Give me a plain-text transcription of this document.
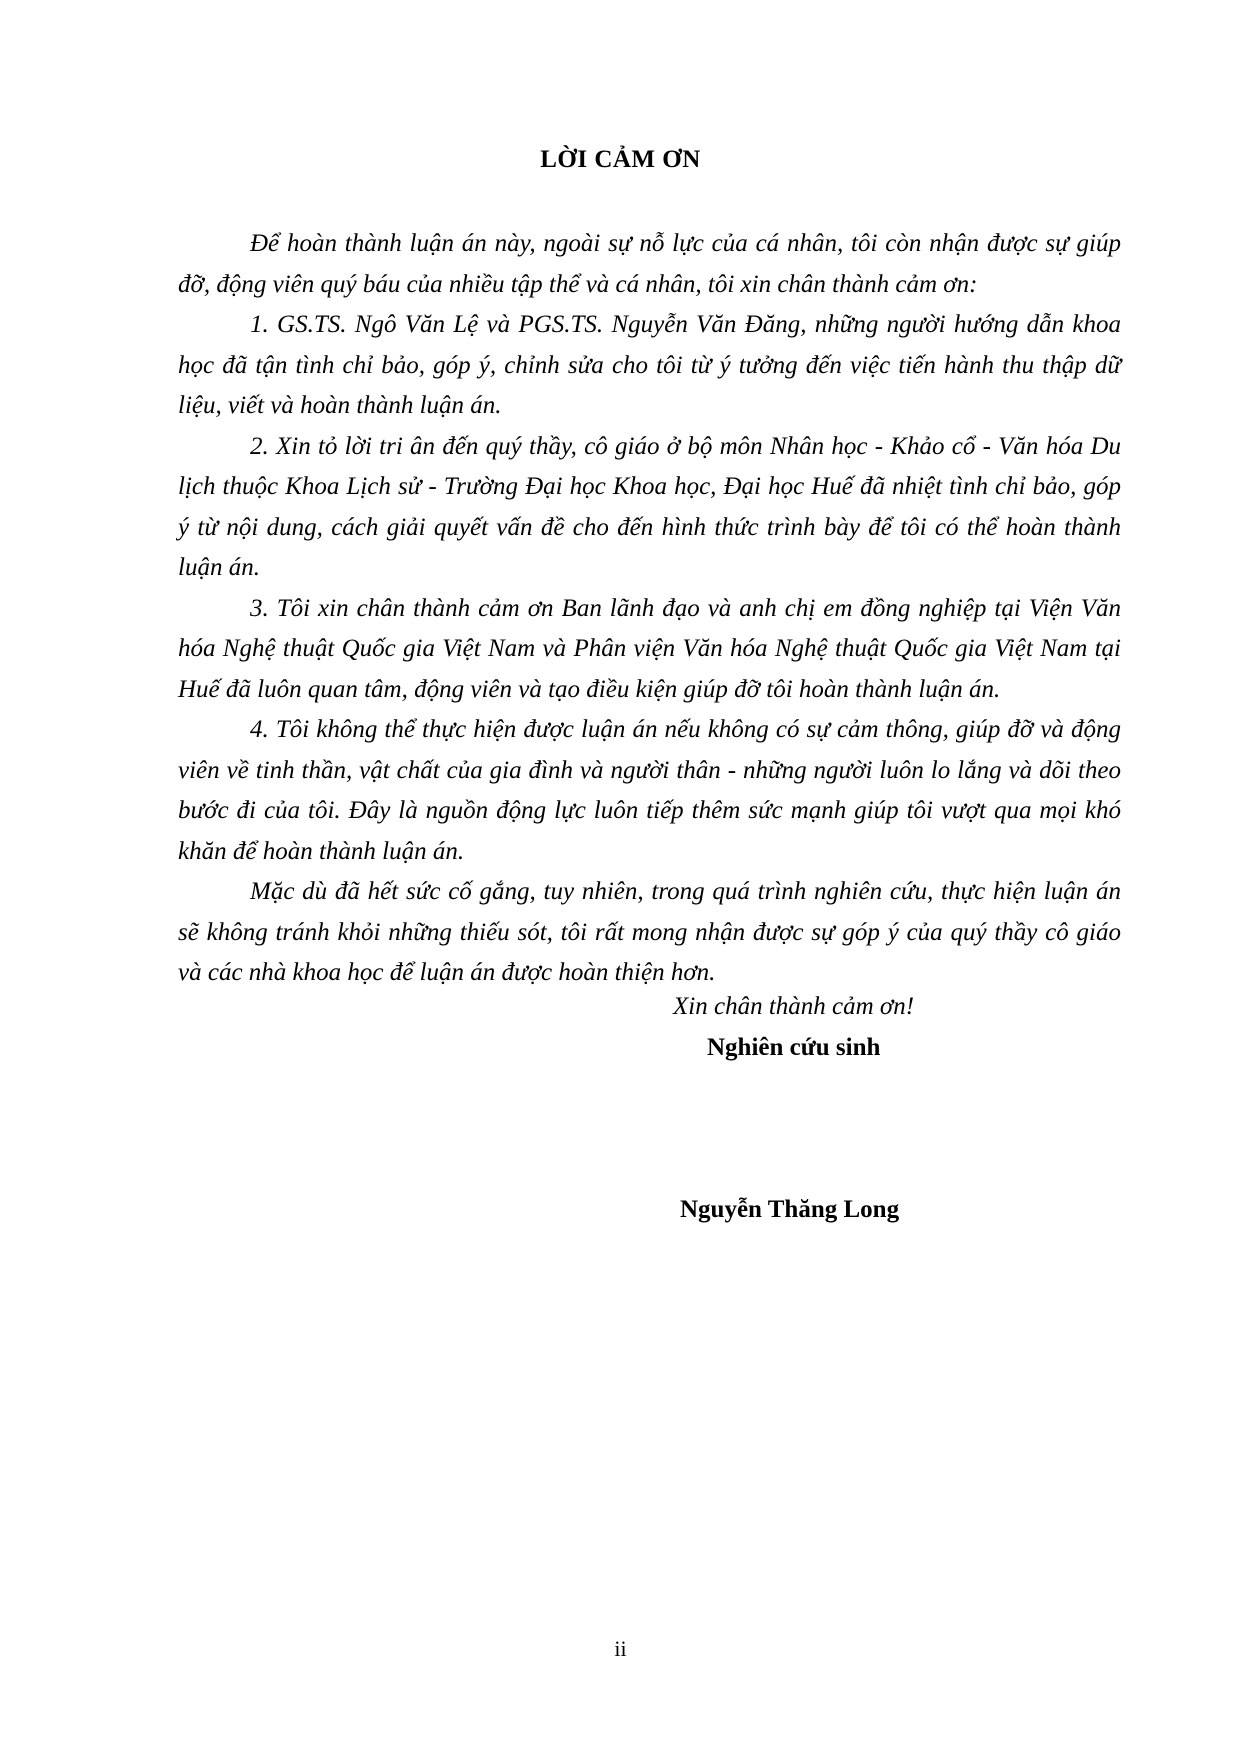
LỜI CẢM ƠN

Để hoàn thành luận án này, ngoài sự nỗ lực của cá nhân, tôi còn nhận được sự giúp đỡ, động viên quý báu của nhiều tập thể và cá nhân, tôi xin chân thành cảm ơn:

1. GS.TS. Ngô Văn Lệ và PGS.TS. Nguyễn Văn Đăng, những người hướng dẫn khoa học đã tận tình chỉ bảo, góp ý, chỉnh sửa cho tôi từ ý tưởng đến việc tiến hành thu thập dữ liệu, viết và hoàn thành luận án.

2. Xin tỏ lời tri ân đến quý thầy, cô giáo ở bộ môn Nhân học - Khảo cổ - Văn hóa Du lịch thuộc Khoa Lịch sử - Trường Đại học Khoa học, Đại học Huế đã nhiệt tình chỉ bảo, góp ý từ nội dung, cách giải quyết vấn đề cho đến hình thức trình bày để tôi có thể hoàn thành luận án.

3. Tôi xin chân thành cảm ơn Ban lãnh đạo và anh chị em đồng nghiệp tại Viện Văn hóa Nghệ thuật Quốc gia Việt Nam và Phân viện Văn hóa Nghệ thuật Quốc gia Việt Nam tại Huế đã luôn quan tâm, động viên và tạo điều kiện giúp đỡ tôi hoàn thành luận án.

4. Tôi không thể thực hiện được luận án nếu không có sự cảm thông, giúp đỡ và động viên về tinh thần, vật chất của gia đình và người thân - những người luôn lo lắng và dõi theo bước đi của tôi. Đây là nguồn động lực luôn tiếp thêm sức mạnh giúp tôi vượt qua mọi khó khăn để hoàn thành luận án.

Mặc dù đã hết sức cố gắng, tuy nhiên, trong quá trình nghiên cứu, thực hiện luận án sẽ không tránh khỏi những thiếu sót, tôi rất mong nhận được sự góp ý của quý thầy cô giáo và các nhà khoa học để luận án được hoàn thiện hơn.

Xin chân thành cảm ơn!
Nghiên cứu sinh
Nguyễn Thăng Long
ii
